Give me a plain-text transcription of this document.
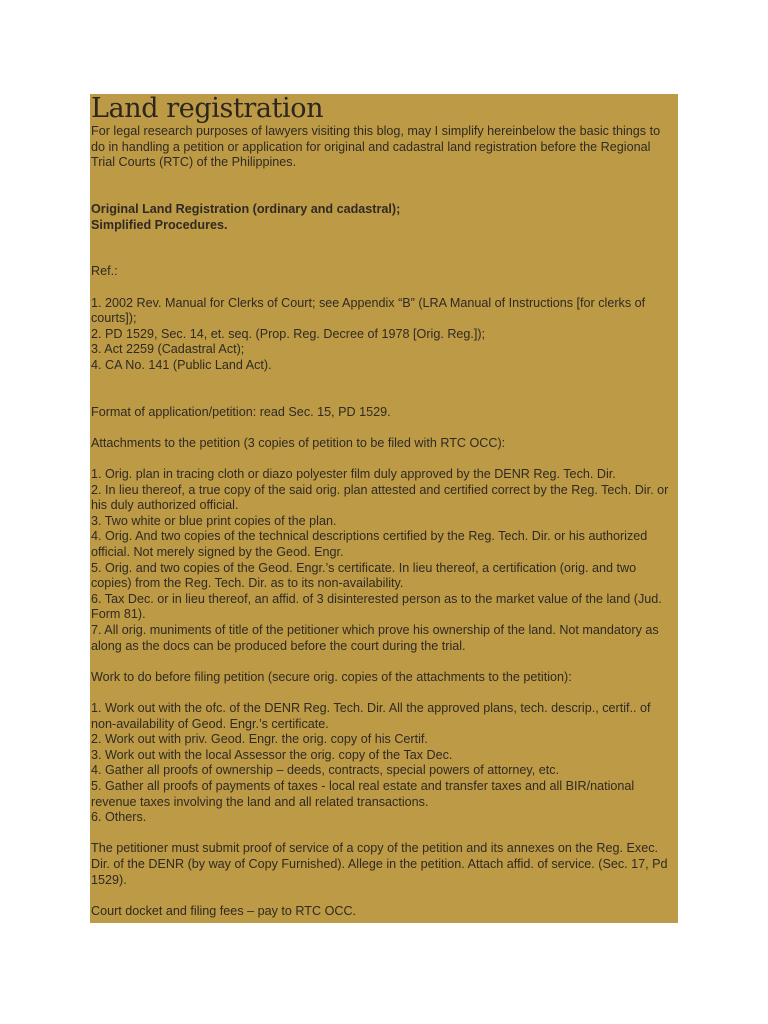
Land registration

For legal research purposes of lawyers visiting this blog, may I simplify hereinbelow the basic things to do in handling a petition or application for original and cadastral land registration before the Regional Trial Courts (RTC) of the Philippines.

Original Land Registration (ordinary and cadastral);

Simplified Procedures.

Ref.:

1. 2002 Rev. Manual for Clerks of Court; see Appendix “B” (LRA Manual of Instructions [for clerks of courts]);
2. PD 1529, Sec. 14, et. seq. (Prop. Reg. Decree of 1978 [Orig. Reg.]);
3. Act 2259 (Cadastral Act);
4. CA No. 141 (Public Land Act).

Format of application/petition: read Sec. 15, PD 1529.

Attachments to the petition (3 copies of petition to be filed with RTC OCC):

1. Orig. plan in tracing cloth or diazo polyester film duly approved by the DENR Reg. Tech. Dir.
2. In lieu thereof, a true copy of the said orig. plan attested and certified correct by the Reg. Tech. Dir. or his duly authorized official.
3. Two white or blue print copies of the plan.
4. Orig. And two copies of the technical descriptions certified by the Reg. Tech. Dir. or his authorized official. Not merely signed by the Geod. Engr.
5. Orig. and two copies of the Geod. Engr.’s certificate. In lieu thereof, a certification (orig. and two copies) from the Reg. Tech. Dir. as to its non-availability.
6. Tax Dec. or in lieu thereof, an affid. of 3 disinterested person as to the market value of the land (Jud. Form 81).
7. All orig. muniments of title of the petitioner which prove his ownership of the land. Not mandatory as along as the docs can be produced before the court during the trial.

Work to do before filing petition (secure orig. copies of the attachments to the petition):

1. Work out with the ofc. of the DENR Reg. Tech. Dir. All the approved plans, tech. descrip., certif.. of non-availability of Geod. Engr.’s certificate.
2. Work out with priv. Geod. Engr. the orig. copy of his Certif.
3. Work out with the local Assessor the orig. copy of the Tax Dec.
4. Gather all proofs of ownership – deeds, contracts, special powers of attorney, etc.
5. Gather all proofs of payments of taxes - local real estate and transfer taxes and all BIR/national revenue taxes involving the land and all related transactions.
6. Others.

The petitioner must submit proof of service of a copy of the petition and its annexes on the Reg. Exec. Dir. of the DENR (by way of Copy Furnished). Allege in the petition. Attach affid. of service. (Sec. 17, Pd 1529).

Court docket and filing fees – pay to RTC OCC.
